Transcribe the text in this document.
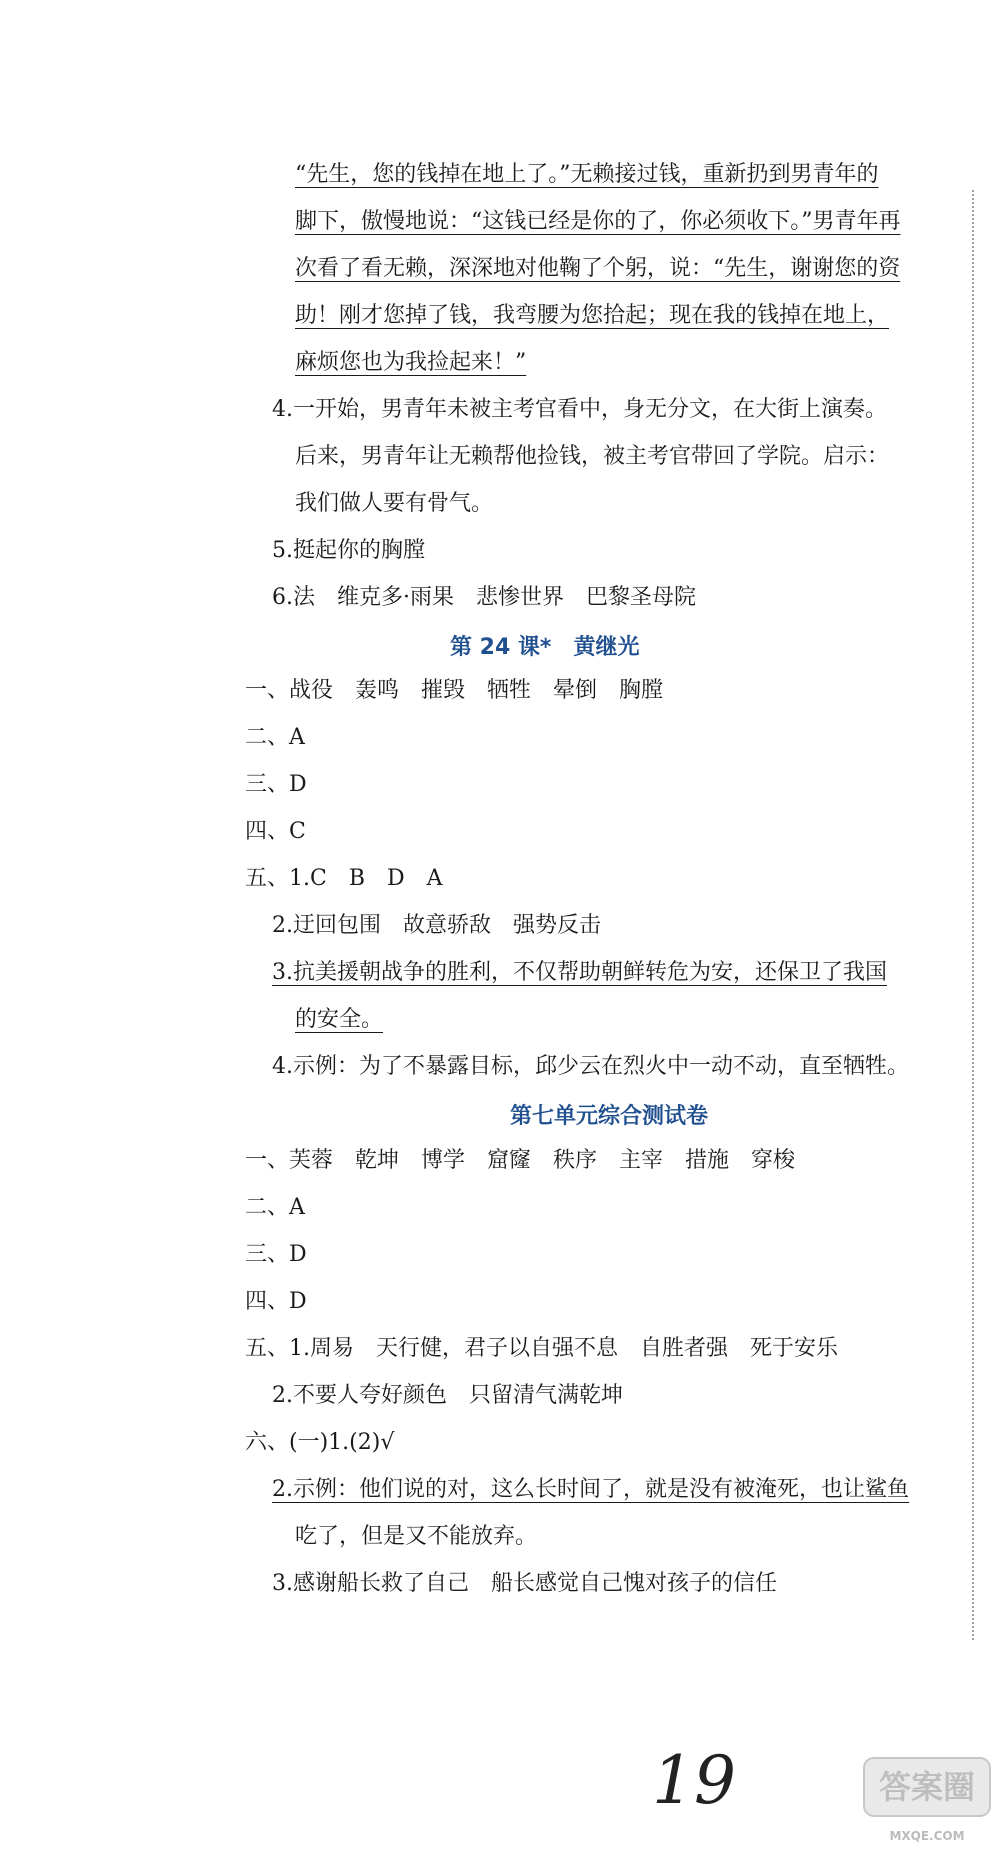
“先生，您的钱掉在地上了。”无赖接过钱，重新扔到男青年的
脚下，傲慢地说：“这钱已经是你的了，你必须收下。”男青年再
次看了看无赖，深深地对他鞠了个躬，说：“先生，谢谢您的资
助！刚才您掉了钱，我弯腰为您拾起；现在我的钱掉在地上，
麻烦您也为我捡起来！”
4.一开始，男青年未被主考官看中，身无分文，在大街上演奏。
后来，男青年让无赖帮他捡钱，被主考官带回了学院。启示：
我们做人要有骨气。
5.挺起你的胸膛
6.法　维克多·雨果　悲惨世界　巴黎圣母院
第 24 课*　黄继光
一、战役　轰鸣　摧毁　牺牲　晕倒　胸膛
二、A
三、D
四、C
五、1.C　B　D　A
2.迂回包围　故意骄敌　强势反击
3.抗美援朝战争的胜利，不仅帮助朝鲜转危为安，还保卫了我国
的安全。
4.示例：为了不暴露目标，邱少云在烈火中一动不动，直至牺牲。
第七单元综合测试卷
一、芙蓉　乾坤　博学　窟窿　秩序　主宰　措施　穿梭
二、A
三、D
四、D
五、1.周易　天行健，君子以自强不息　自胜者强　死于安乐
2.不要人夸好颜色　只留清气满乾坤
六、(一)1.(2)√
2.示例：他们说的对，这么长时间了，就是没有被淹死，也让鲨鱼
吃了，但是又不能放弃。
3.感谢船长救了自己　船长感觉自己愧对孩子的信任
19	答案圈
MXQE.COM
